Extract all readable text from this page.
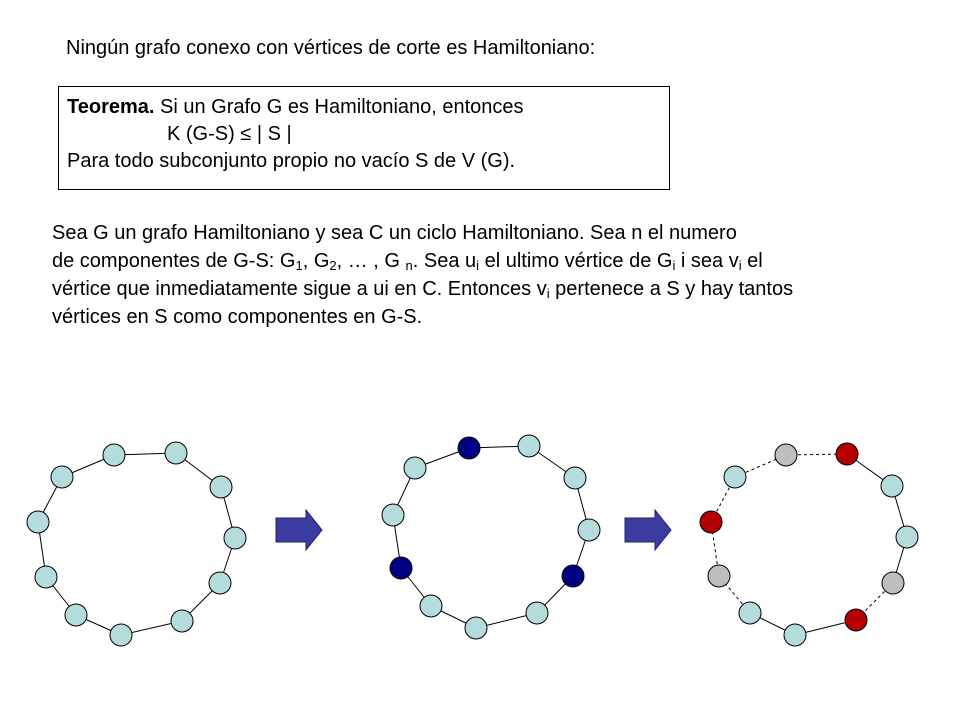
Ningún grafo conexo con vértices de corte es Hamiltoniano:
Teorema. Si un Grafo G es Hamiltoniano, entonces
K (G-S) ≤ | S |
Para todo subconjunto propio no vacío S de V (G).
Sea G un grafo Hamiltoniano y sea C un ciclo Hamiltoniano. Sea n el numero
de componentes de G-S: $G_1$, $G_2$, … , G $_n$. Sea $u_i$ el ultimo vértice de $G_i$ i sea $v_i$ el
vértice que inmediatamente sigue a ui en C. Entonces $v_i$ pertenece a S y hay tantos
vértices en S como componentes en G-S.
